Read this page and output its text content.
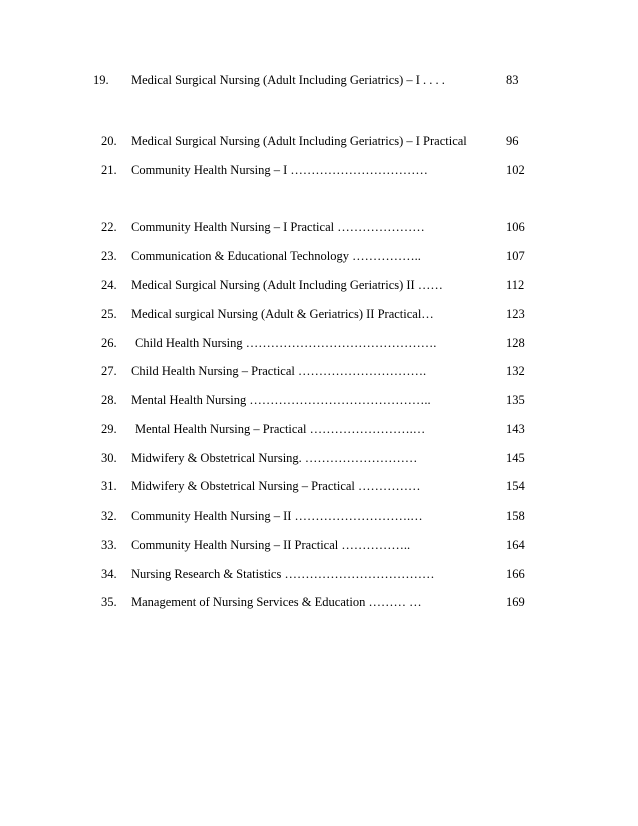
19.	Medical Surgical Nursing (Adult Including Geriatrics) – I . . . .	83
20.	Medical Surgical Nursing (Adult Including Geriatrics) – I Practical	96
21.	Community Health Nursing – I ……………………………	102
22.	Community Health Nursing – I Practical …………………	106
23.	Communication & Educational Technology ……………..	107
24.	Medical Surgical Nursing (Adult Including Geriatrics) II ……	112
25.	Medical surgical Nursing (Adult & Geriatrics) II Practical…	123
26.	Child Health Nursing ……………………………………….	128
27.	Child Health Nursing – Practical ………………………….	132
28.	Mental Health Nursing ……………………………………..	135
29.	Mental Health Nursing – Practical …………………….…	143
30.	Midwifery & Obstetrical Nursing. ………………………	145
31.	Midwifery & Obstetrical Nursing – Practical ……………	154
32.	Community Health Nursing – II ……………………….…	158
33.	Community Health Nursing – II Practical ……………..	164
34.	Nursing Research & Statistics ………………………………	166
35.	Management of Nursing Services & Education ……… …	169
